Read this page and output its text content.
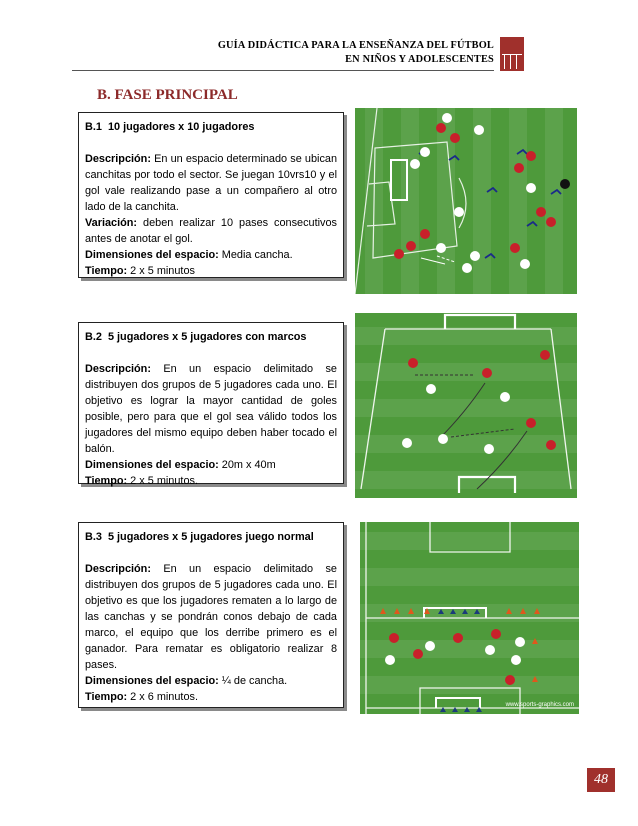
GUÍA DIDÁCTICA PARA LA ENSEÑANZA DEL FÚTBOL
EN NIÑOS Y ADOLESCENTES
B. FASE PRINCIPAL
B.1 10 jugadores x 10 jugadores

Descripción: En un espacio determinado se ubican canchitas por todo el sector. Se juegan 10vrs10 y el gol vale realizando pase a un compañero al otro lado de la canchita.

Variación: deben realizar 10 pases consecutivos antes de anotar el gol.

Dimensiones del espacio: Media cancha.

Tiempo: 2 x 5 minutos

B.2 5 jugadores x 5 jugadores con marcos

Descripción: En un espacio delimitado se distribuyen dos grupos de 5 jugadores cada uno. El objetivo es lograr la mayor cantidad de goles posible, pero para que el gol sea válido todos los jugadores del mismo equipo deben haber tocado el balón.

Dimensiones del espacio: 20m x 40m

Tiempo: 2 x 5 minutos.

B.3 5 jugadores x 5 jugadores juego normal

Descripción: En un espacio delimitado se distribuyen dos grupos de 5 jugadores cada uno. El objetivo es que los jugadores rematen a lo largo de las canchas y se pondrán conos debajo de cada marco, el equipo que los derribe primero es el ganador. Para rematar es obligatorio realizar 8 pases.

Dimensiones del espacio: ¼ de cancha.

Tiempo: 2 x 6 minutos.

www.sports-graphics.com
48
